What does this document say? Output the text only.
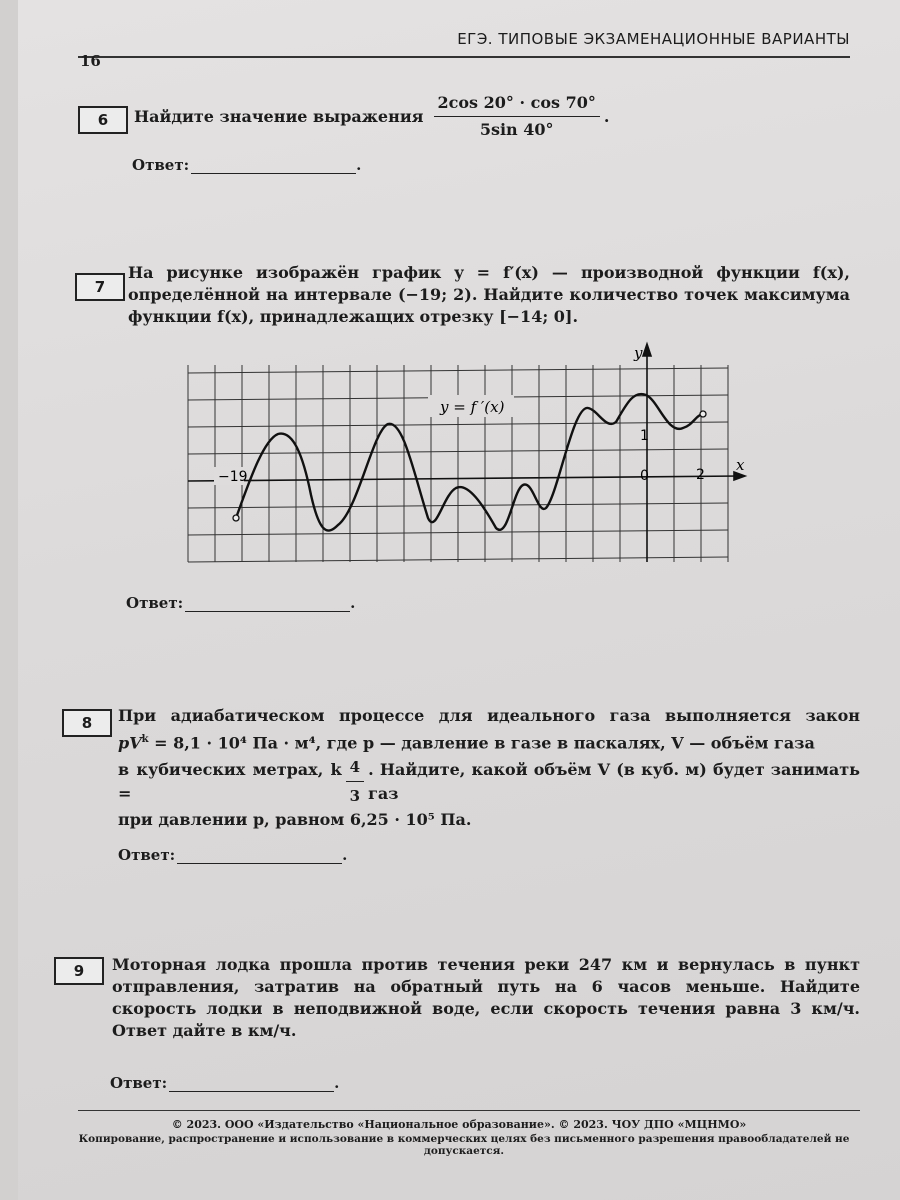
ЕГЭ. ТИПОВЫЕ ЭКЗАМЕНАЦИОННЫЕ ВАРИАНТЫ
16
6	Найдите значение выражения $\frac{2\cos 20^\circ \cdot \cos 70^\circ}{5\sin 40^\circ}$ .
Ответ:	.
7
На рисунке изображён график y = f′(x) — производной функции f(x), определённой на интервале (−19; 2). Найдите количество точек максимума функции f(x), принадлежащих отрезку [−14; 0].
y = f ′(x)
−19	0	2
1
x
y
Ответ:	.
8	При адиабатическом процессе для идеального газа выполняется закон
$pV^k = 8,1 \cdot 10^4$ Па · м⁴, где p — давление в газе в паскалях, V — объём газа
в кубических метрах, k =	$\frac{4}{3}$ . Найдите, какой объём V (в куб. м) будет занимать газ
при давлении p, равном 6,25 · 10⁵ Па.
Ответ:	.
9	Моторная лодка прошла против течения реки 247 км и вернулась в пункт отправления, затратив на обратный путь на 6 часов меньше. Найдите скорость лодки в неподвижной воде, если скорость течения равна 3 км/ч. Ответ дайте в км/ч.
Ответ:	.
© 2023. ООО «Издательство «Национальное образование». © 2023. ЧОУ ДПО «МЦНМО»
Копирование, распространение и использование в коммерческих целях без письменного разрешения правообладателей не допускается.
